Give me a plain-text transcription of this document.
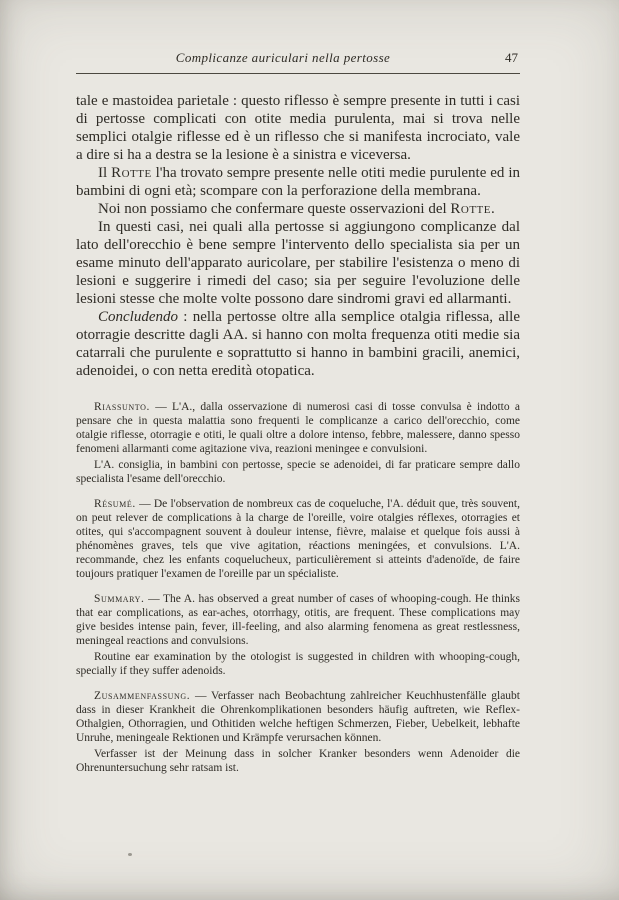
Complicanze auriculari nella pertosse	47

tale e mastoidea parietale : questo riflesso è sempre presente in tutti i casi di pertosse complicati con otite media purulenta, mai si trova nelle semplici otalgie riflesse ed è un riflesso che si manifesta incrociato, vale a dire si ha a destra se la lesione è a sinistra e viceversa.

Il Rotte l'ha trovato sempre presente nelle otiti medie purulente ed in bambini di ogni età; scompare con la perforazione della membrana.

Noi non possiamo che confermare queste osservazioni del Rotte.

In questi casi, nei quali alla pertosse si aggiungono complicanze dal lato dell'orecchio è bene sempre l'intervento dello specialista sia per un esame minuto dell'apparato auricolare, per stabilire l'esistenza o meno di lesioni e suggerire i rimedi del caso; sia per seguire l'evoluzione delle lesioni stesse che molte volte possono dare sindromi gravi ed allarmanti.

Concludendo : nella pertosse oltre alla semplice otalgia riflessa, alle otorragie descritte dagli AA. si hanno con molta frequenza otiti medie sia catarrali che purulente e soprattutto si hanno in bambini gracili, anemici, adenoidei, o con netta eredità otopatica.

Riassunto. — L'A., dalla osservazione di numerosi casi di tosse convulsa è indotto a pensare che in questa malattia sono frequenti le complicanze a carico dell'orecchio, come otalgie riflesse, otorragie e otiti, le quali oltre a dolore intenso, febbre, malessere, danno spesso fenomeni allarmanti come agitazione viva, reazioni meningee e convulsioni.

L'A. consiglia, in bambini con pertosse, specie se adenoidei, di far praticare sempre dallo specialista l'esame dell'orecchio.

Résumé. — De l'observation de nombreux cas de coqueluche, l'A. déduit que, très souvent, on peut relever de complications à la charge de l'oreille, voire otalgies réflexes, otorragies et otites, qui s'accompagnent souvent à douleur intense, fièvre, malaise et quelque fois aussi à phénomènes graves, tels que vive agitation, réactions meningées, et convulsions. L'A. recommande, chez les enfants coquelucheux, particulièrement si atteints d'adenoïde, de faire toujours pratiquer l'examen de l'oreille par un spécialiste.

Summary. — The A. has observed a great number of cases of whooping-cough. He thinks that ear complications, as ear-aches, otorrhagy, otitis, are frequent. These complications may give besides intense pain, fever, ill-feeling, and also alarming fenomena as great restlessness, meningeal reactions and convulsions.

Routine ear examination by the otologist is suggested in children with whooping-cough, specially if they suffer adenoids.

Zusammenfassung. — Verfasser nach Beobachtung zahlreicher Keuchhustenfälle glaubt dass in dieser Krankheit die Ohrenkomplikationen besonders häufig auftreten, wie Reflex-Othalgien, Othorragien, und Othitiden welche heftigen Schmerzen, Fieber, Uebelkeit, lebhafte Unruhe, meningeale Rektionen und Krämpfe verursachen können.

Verfasser ist der Meinung dass in solcher Kranker besonders wenn Adenoider die Ohrenuntersuchung sehr ratsam ist.
